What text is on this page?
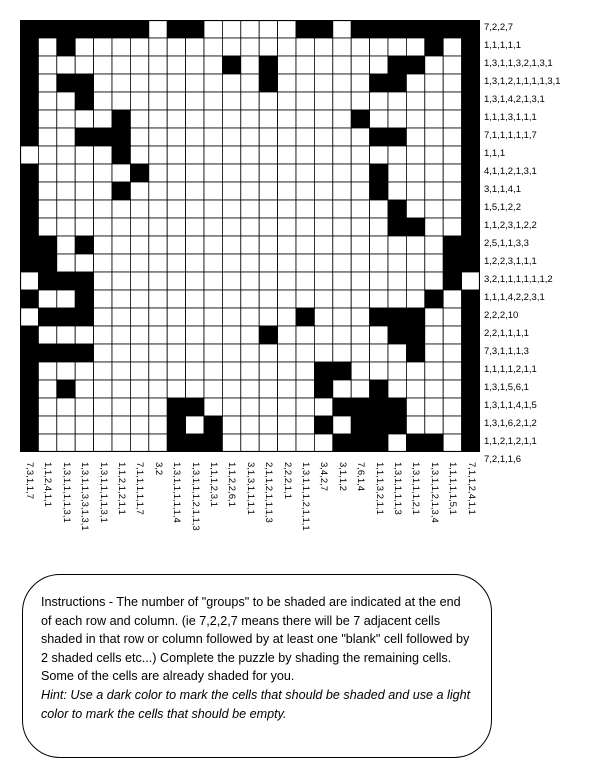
7,2,2,7
1,1,1,1,1
1,3,1,1,3,2,1,3,1
1,3,1,2,1,1,1,1,3,1
1,3,1,4,2,1,3,1
1,1,1,3,1,1,1
7,1,1,1,1,1,7
1,1,1
4,1,1,2,1,3,1
3,1,1,4,1
1,5,1,2,2
1,1,2,3,1,2,2
2,5,1,1,3,3
1,2,2,3,1,1,1
3,2,1,1,1,1,1,1,2
1,1,1,4,2,2,3,1
2,2,2,10
2,2,1,1,1,1
7,3,1,1,1,3
1,1,1,1,2,1,1
1,3,1,5,6,1
1,3,1,1,4,1,5
1,3,1,6,2,1,2
1,1,2,1,2,1,1
7,2,1,1,6
7,3,1,1,7 1,1,2,4,1,1 1,3,1,1,1,1,3,1 1,3,1,1,3,3,1,3,1 1,3,1,1,1,1,3,1 1,1,2,1,2,1,1 7,1,1,1,1,1,7 3,2 1,3,1,1,1,1,1,4 1,3,1,1,1,2,1,1,3 1,1,1,2,3,1 1,1,2,2,6,1 3,1,3,1,1,1,1 2,1,1,2,1,1,1,3 2,2,2,1,1 1,3,1,1,1,2,1,1,1 3,4,2,7 3,1,1,2 7,6,1,4 1,1,1,3,2,1,1 1,3,1,1,1,1,3 1,3,1,1,1,2,1 1,3,1,1,2,1,3,4 1,1,1,1,1,5,1 7,1,1,2,4,1,1

Instructions - The number of "groups" to be shaded are indicated at the end of each row and column. (ie 7,2,2,7 means there will be 7 adjacent cells shaded in that row or column followed by at least one "blank" cell followed by 2 shaded cells etc...) Complete the puzzle by shading the remaining cells. Some of the cells are already shaded for you.

Hint: Use a dark color to mark the cells that should be shaded and use a light color to mark the cells that should be empty.
